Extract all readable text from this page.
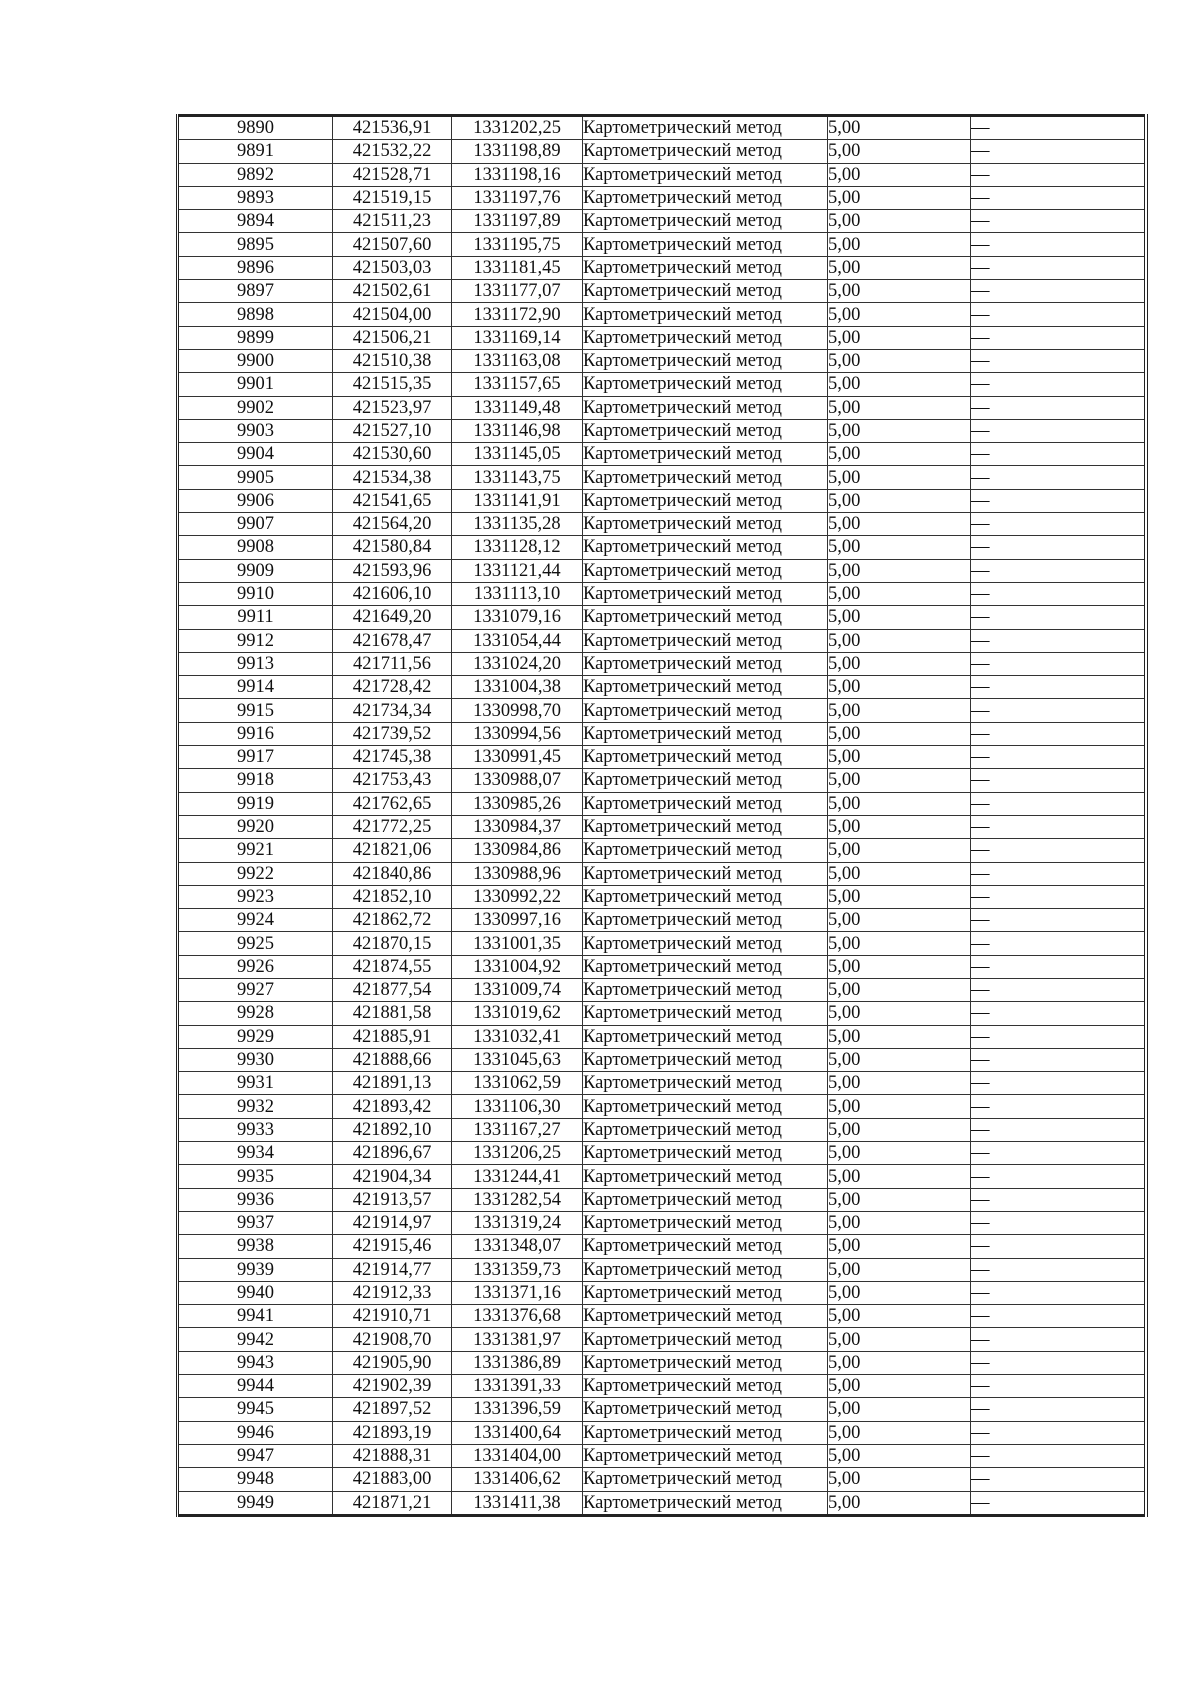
9890	421536,91	1331202,25	Картометрический метод	5,00	—
9891	421532,22	1331198,89	Картометрический метод	5,00	—
9892	421528,71	1331198,16	Картометрический метод	5,00	—
9893	421519,15	1331197,76	Картометрический метод	5,00	—
9894	421511,23	1331197,89	Картометрический метод	5,00	—
9895	421507,60	1331195,75	Картометрический метод	5,00	—
9896	421503,03	1331181,45	Картометрический метод	5,00	—
9897	421502,61	1331177,07	Картометрический метод	5,00	—
9898	421504,00	1331172,90	Картометрический метод	5,00	—
9899	421506,21	1331169,14	Картометрический метод	5,00	—
9900	421510,38	1331163,08	Картометрический метод	5,00	—
9901	421515,35	1331157,65	Картометрический метод	5,00	—
9902	421523,97	1331149,48	Картометрический метод	5,00	—
9903	421527,10	1331146,98	Картометрический метод	5,00	—
9904	421530,60	1331145,05	Картометрический метод	5,00	—
9905	421534,38	1331143,75	Картометрический метод	5,00	—
9906	421541,65	1331141,91	Картометрический метод	5,00	—
9907	421564,20	1331135,28	Картометрический метод	5,00	—
9908	421580,84	1331128,12	Картометрический метод	5,00	—
9909	421593,96	1331121,44	Картометрический метод	5,00	—
9910	421606,10	1331113,10	Картометрический метод	5,00	—
9911	421649,20	1331079,16	Картометрический метод	5,00	—
9912	421678,47	1331054,44	Картометрический метод	5,00	—
9913	421711,56	1331024,20	Картометрический метод	5,00	—
9914	421728,42	1331004,38	Картометрический метод	5,00	—
9915	421734,34	1330998,70	Картометрический метод	5,00	—
9916	421739,52	1330994,56	Картометрический метод	5,00	—
9917	421745,38	1330991,45	Картометрический метод	5,00	—
9918	421753,43	1330988,07	Картометрический метод	5,00	—
9919	421762,65	1330985,26	Картометрический метод	5,00	—
9920	421772,25	1330984,37	Картометрический метод	5,00	—
9921	421821,06	1330984,86	Картометрический метод	5,00	—
9922	421840,86	1330988,96	Картометрический метод	5,00	—
9923	421852,10	1330992,22	Картометрический метод	5,00	—
9924	421862,72	1330997,16	Картометрический метод	5,00	—
9925	421870,15	1331001,35	Картометрический метод	5,00	—
9926	421874,55	1331004,92	Картометрический метод	5,00	—
9927	421877,54	1331009,74	Картометрический метод	5,00	—
9928	421881,58	1331019,62	Картометрический метод	5,00	—
9929	421885,91	1331032,41	Картометрический метод	5,00	—
9930	421888,66	1331045,63	Картометрический метод	5,00	—
9931	421891,13	1331062,59	Картометрический метод	5,00	—
9932	421893,42	1331106,30	Картометрический метод	5,00	—
9933	421892,10	1331167,27	Картометрический метод	5,00	—
9934	421896,67	1331206,25	Картометрический метод	5,00	—
9935	421904,34	1331244,41	Картометрический метод	5,00	—
9936	421913,57	1331282,54	Картометрический метод	5,00	—
9937	421914,97	1331319,24	Картометрический метод	5,00	—
9938	421915,46	1331348,07	Картометрический метод	5,00	—
9939	421914,77	1331359,73	Картометрический метод	5,00	—
9940	421912,33	1331371,16	Картометрический метод	5,00	—
9941	421910,71	1331376,68	Картометрический метод	5,00	—
9942	421908,70	1331381,97	Картометрический метод	5,00	—
9943	421905,90	1331386,89	Картометрический метод	5,00	—
9944	421902,39	1331391,33	Картометрический метод	5,00	—
9945	421897,52	1331396,59	Картометрический метод	5,00	—
9946	421893,19	1331400,64	Картометрический метод	5,00	—
9947	421888,31	1331404,00	Картометрический метод	5,00	—
9948	421883,00	1331406,62	Картометрический метод	5,00	—
9949	421871,21	1331411,38	Картометрический метод	5,00	—
